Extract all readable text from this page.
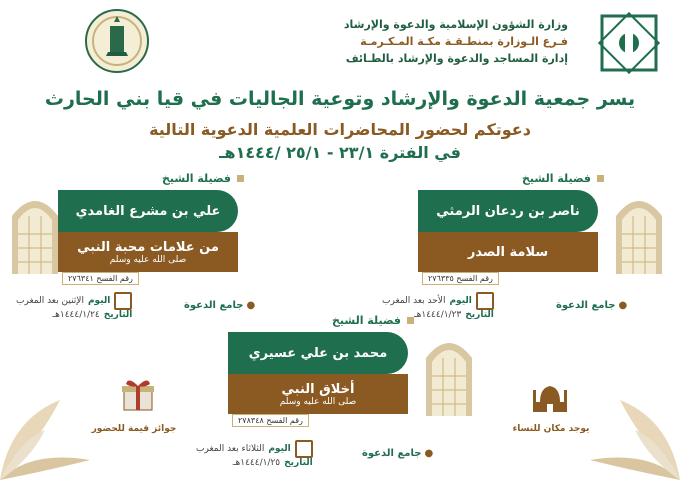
وزارة الشؤون الإسلامية والدعوة والإرشاد
فـرع الـوزارة بمنطـقـة مكـة المـكـرمـة
إدارة المساجد والدعوة والإرشاد بالطـائف
يسر جمعية الدعوة والإرشاد وتوعية الجاليات في قيا بني الحارث
دعوتكم لحضور المحاضرات العلمية الدعوية التالية
في الفترة ٢٣/١ - ٢٥/١ /١٤٤٤هـ
فضيلة الشيخ
علي بن مشرع الغامدي
من علامات محبة النبي
صلى الله عليه وسلم
رقم الفسح ٢٧٦٣٤١
فضيلة الشيخ
ناصر بن ردعان الرمثي
سلامة الصدر
رقم الفسح ٢٧٦٣٣٥
فضيلة الشيخ
محمد بن علي عسيري
أخلاق النبي
صلى الله عليه وسلم
رقم الفسح ٢٧٨٣٤٨
اليوم
الإثنين بعد المغرب
التاريخ
١٤٤٤/١/٢٤هـ
●
جامع الدعوة	اليوم
الأحد بعد المغرب
التاريخ
١٤٤٤/١/٢٣هـ
●
جامع الدعوة
اليوم
الثلاثاء بعد المغرب
التاريخ
١٤٤٤/١/٢٥هـ
●
جامع الدعوة
جوائز قيمة للحضور	يوجد مكان للنساء
